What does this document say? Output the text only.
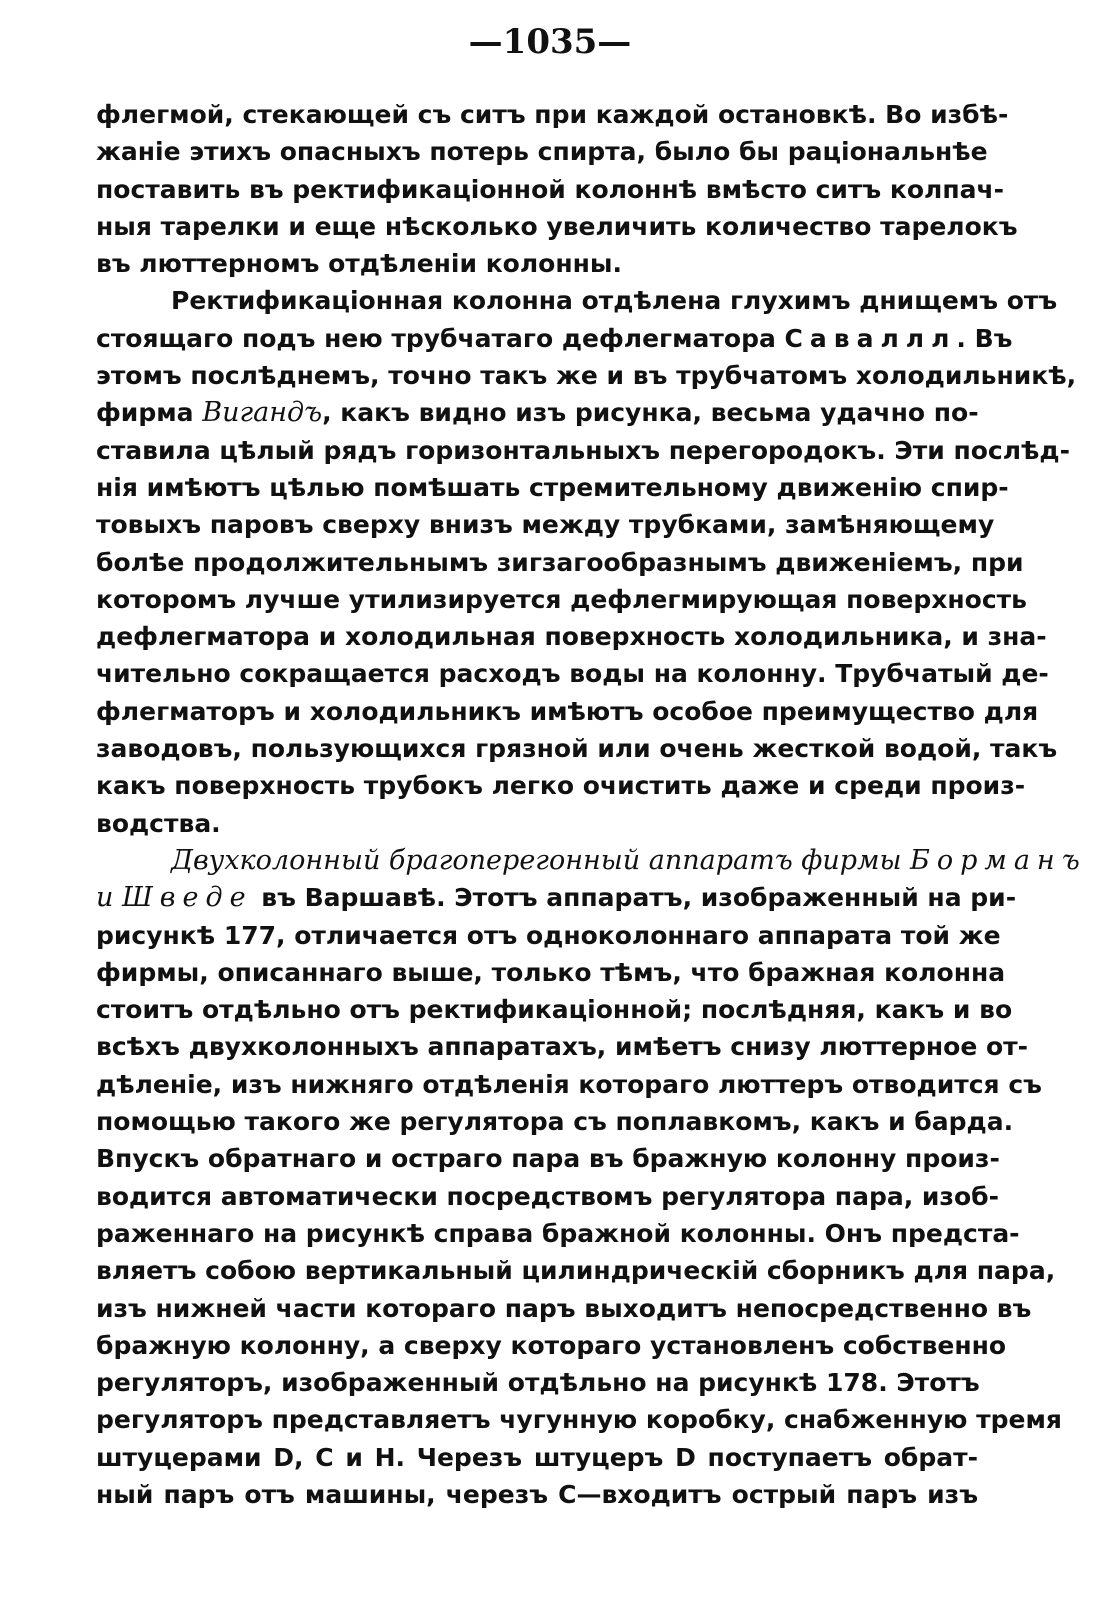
—1035—
флегмой, стекающей съ ситъ при каждой остановкѣ. Во избѣ-
жаніе этихъ опасныхъ потерь спирта, было бы раціональнѣе
поставить въ ректификаціонной колоннѣ вмѣсто ситъ колпач-
ныя тарелки и еще нѣсколько увеличить количество тарелокъ
въ люттерномъ отдѣленіи колонны.
Ректификаціонная колонна отдѣлена глухимъ днищемъ отъ
стоящаго подъ нею трубчатаго дефлегматора Саваллл. Въ
этомъ послѣднемъ, точно такъ же и въ трубчатомъ холодильникѣ,
фирма Вигандъ, какъ видно изъ рисунка, весьма удачно по-
ставила цѣлый рядъ горизонтальныхъ перегородокъ. Эти послѣд-
нія имѣютъ цѣлью помѣшать стремительному движенію спир-
товыхъ паровъ сверху внизъ между трубками, замѣняющему
болѣе продолжительнымъ зигзагообразнымъ движеніемъ, при
которомъ лучше утилизируется дефлегмирующая поверхность
дефлегматора и холодильная поверхность холодильника, и зна-
чительно сокращается расходъ воды на колонну. Трубчатый де-
флегматоръ и холодильникъ имѣютъ особое преимущество для
заводовъ, пользующихся грязной или очень жесткой водой, такъ
какъ поверхность трубокъ легко очистить даже и среди произ-
водства.
Двухколонный брагоперегонный аппаратъ фирмы Борманъ
и Шведе въ Варшавѣ. Этотъ аппаратъ, изображенный на ри-
рисункѣ 177, отличается отъ одноколоннаго аппарата той же
фирмы, описаннаго выше, только тѣмъ, что бражная колонна
стоитъ отдѣльно отъ ректификаціонной; послѣдняя, какъ и во
всѣхъ двухколонныхъ аппаратахъ, имѣетъ снизу люттерное от-
дѣленіе, изъ нижняго отдѣленія котораго люттеръ отводится съ
помощью такого же регулятора съ поплавкомъ, какъ и барда.
Впускъ обратнаго и остраго пара въ бражную колонну произ-
водится автоматически посредствомъ регулятора пара, изоб-
раженнаго на рисункѣ справа бражной колонны. Онъ предста-
вляетъ собою вертикальный цилиндрическій сборникъ для пара,
изъ нижней части котораго паръ выходитъ непосредственно въ
бражную колонну, а сверху котораго установленъ собственно
регуляторъ, изображенный отдѣльно на рисункѣ 178. Этотъ
регуляторъ представляетъ чугунную коробку, снабженную тремя
штуцерами D, C и H. Черезъ штуцеръ D поступаетъ обрат-
ный паръ отъ машины, черезъ C—входитъ острый паръ изъ
